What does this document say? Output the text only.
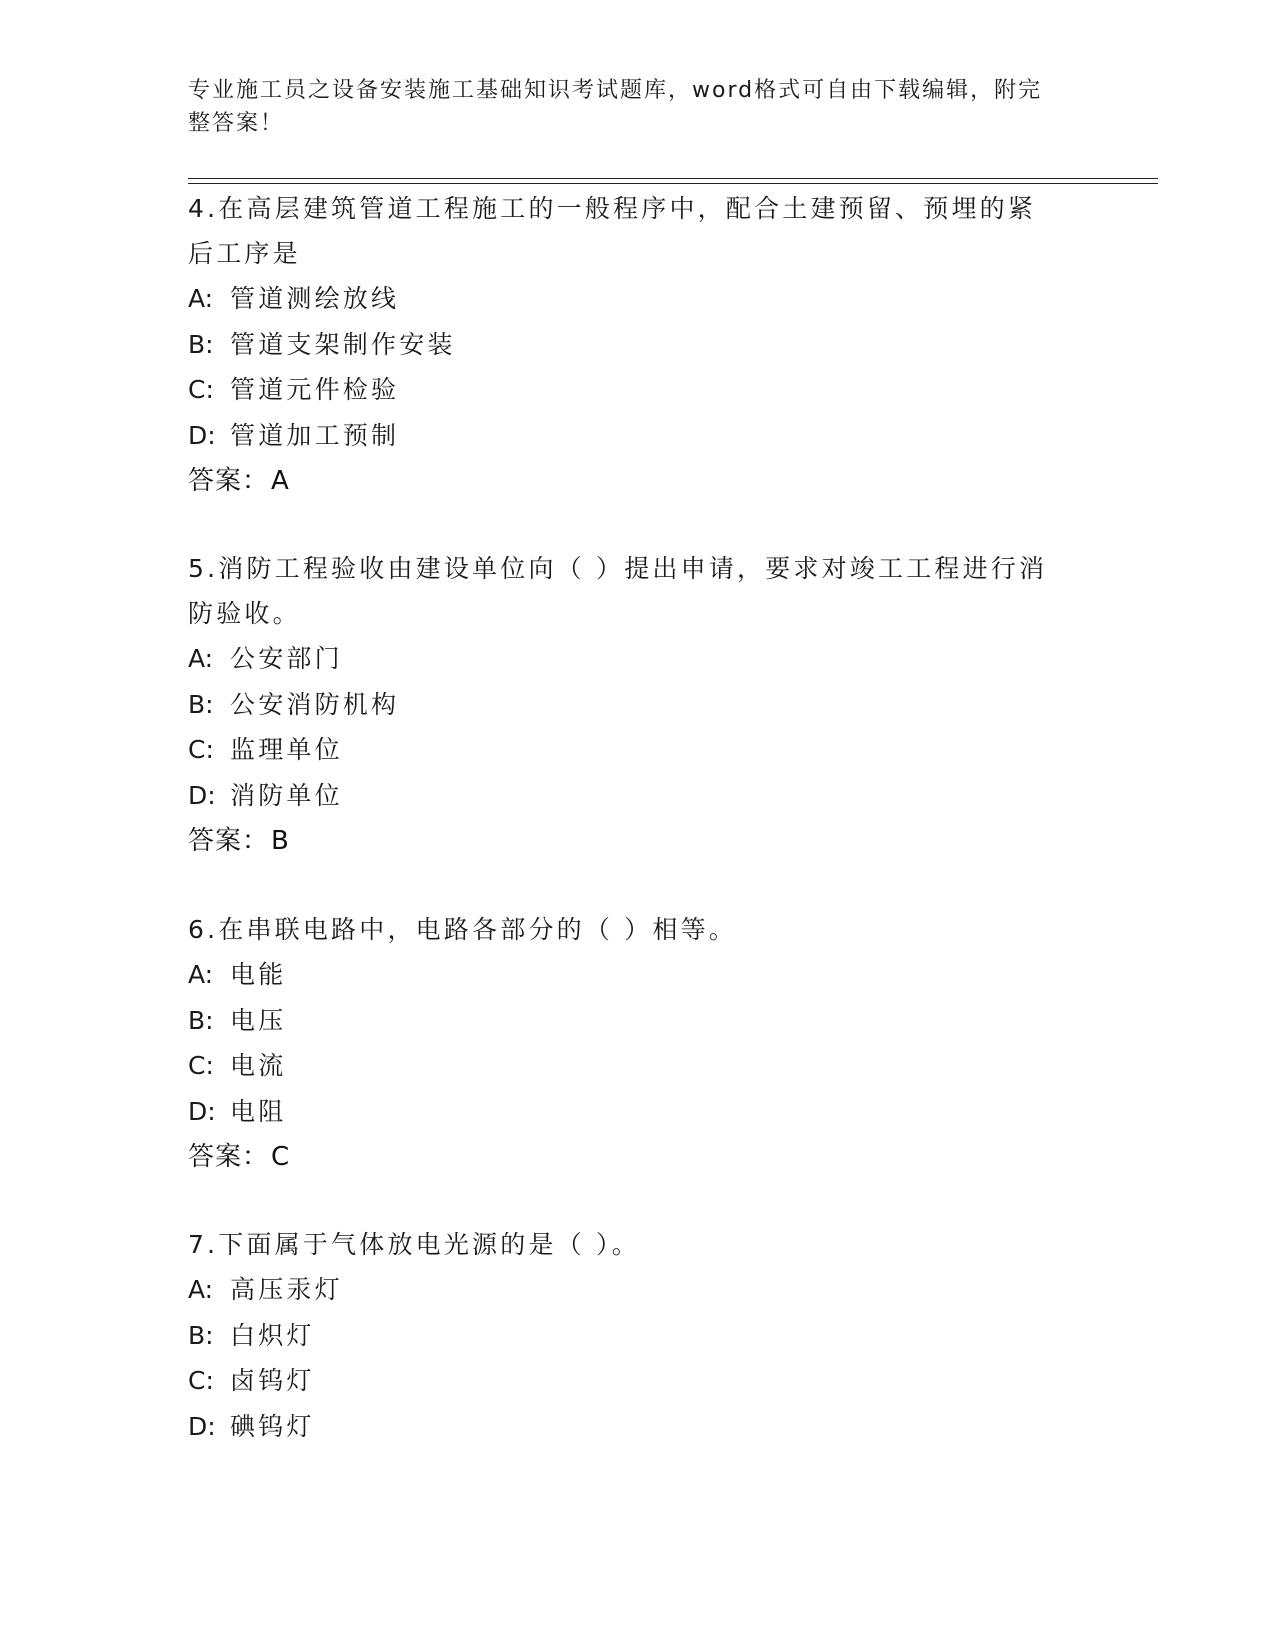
专业施工员之设备安装施工基础知识考试题库，word格式可自由下载编辑，附完
整答案！
4.在高层建筑管道工程施工的一般程序中，配合土建预留、预埋的紧
后工序是
A: 管道测绘放线
B: 管道支架制作安装
C: 管道元件检验
D: 管道加工预制
答案：A
5.消防工程验收由建设单位向（ ）提出申请，要求对竣工工程进行消
防验收。
A: 公安部门
B: 公安消防机构
C: 监理单位
D: 消防单位
答案：B
6.在串联电路中，电路各部分的（ ）相等。
A: 电能
B: 电压
C: 电流
D: 电阻
答案：C
7.下面属于气体放电光源的是（ ）。
A: 高压汞灯
B: 白炽灯
C: 卤钨灯
D: 碘钨灯
